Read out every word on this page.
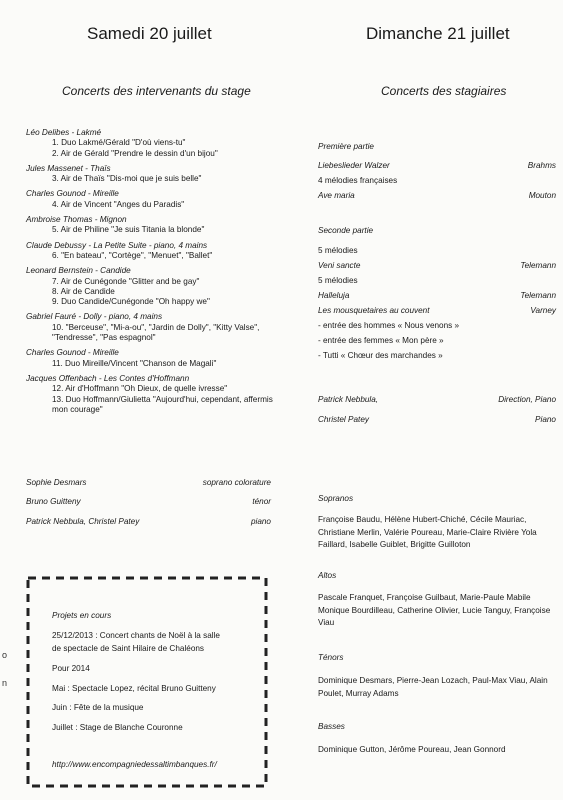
Samedi 20 juillet	Dimanche 21 juillet
Concerts des intervenants du stage	Concerts des stagiaires
Léo Delibes - Lakmé
1. Duo Lakmé/Gérald "D'où viens-tu"
2. Air de Gérald "Prendre le dessin d'un bijou"
Jules Massenet - Thaïs
3. Air de Thaïs "Dis-moi que je suis belle"
Charles Gounod - Mireille
4. Air de Vincent "Anges du Paradis"
Ambroise Thomas - Mignon
5. Air de Philine "Je suis Titania la blonde"
Claude Debussy - La Petite Suite - piano, 4 mains
6. "En bateau", "Cortège", "Menuet", "Ballet"
Leonard Bernstein - Candide
7. Air de Cunégonde "Glitter and be gay"
8. Air de Candide
9. Duo Candide/Cunégonde "Oh happy we"
Gabriel Fauré - Dolly - piano, 4 mains
10. "Berceuse", "Mi-a-ou", "Jardin de Dolly", "Kitty Valse", "Tendresse", "Pas espagnol"
Charles Gounod - Mireille
11. Duo Mireille/Vincent "Chanson de Magali"
Jacques Offenbach - Les Contes d'Hoffmann
12. Air d'Hoffmann "Oh Dieux, de quelle ivresse"
13. Duo Hoffmann/Giulietta "Aujourd'hui, cependant, affermis mon courage"
Sophie Desmars	soprano colorature
Bruno Guitteny	ténor
Patrick Nebbula, Christel Patey	piano
Projets en cours
25/12/2013 : Concert chants de Noël à la salle
de spectacle de Saint Hilaire de Chaléons
Pour 2014
Mai : Spectacle Lopez, récital Bruno Guitteny
Juin : Fête de la musique
Juillet : Stage de Blanche Couronne
http://www.encompagniedessaltimbanques.fr/
Première partie
Liebeslieder Walzer	Brahms
4 mélodies françaises
Ave maria	Mouton
Seconde partie
5 mélodies
Veni sancte	Telemann
5 mélodies
Halleluja	Telemann
Les mousquetaires au couvent	Varney
- entrée des hommes « Nous venons »
- entrée des femmes « Mon père »
- Tutti « Chœur des marchandes »
Patrick Nebbula,	Direction, Piano
Christel Patey	Piano
Sopranos
Françoise Baudu, Hélène Hubert-Chiché, Cécile Mauriac, Christiane Merlin, Valérie Poureau, Marie-Claire Rivière Yola Faillard, Isabelle Guiblet, Brigitte Guilloton
Altos
Pascale Franquet, Françoise Guilbaut, Marie-Paule Mabile Monique Bourdilleau, Catherine Olivier, Lucie Tanguy, Françoise Viau
Ténors
Dominique Desmars, Pierre-Jean Lozach, Paul-Max Viau, Alain Poulet, Murray Adams
Basses
Dominique Gutton, Jérôme Poureau, Jean Gonnord
o
n
